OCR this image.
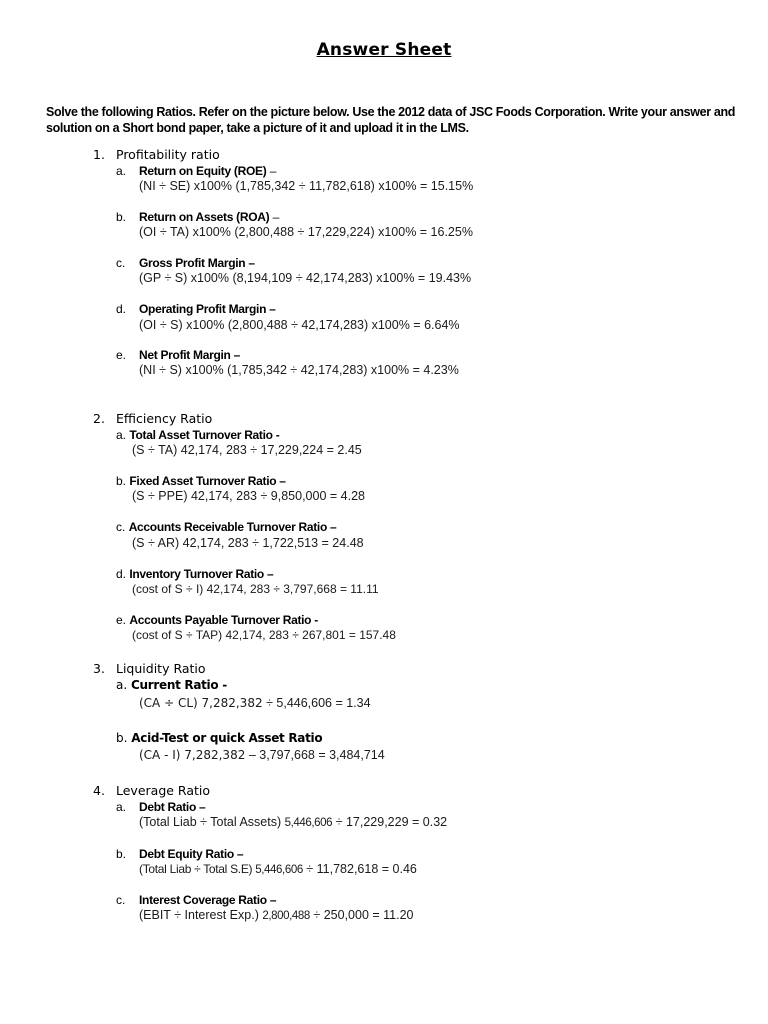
Answer Sheet
Solve the following Ratios. Refer on the picture below. Use the 2012 data of JSC Foods Corporation. Write your answer and solution on a Short bond paper, take a picture of it and upload it in the LMS.
1. Profitability ratio
a. Return on Equity (ROE) –
(NI ÷ SE) x100% (1,785,342 ÷ 11,782,618) x100% = 15.15%
b. Return on Assets (ROA) –
(OI ÷ TA) x100% (2,800,488 ÷ 17,229,224) x100% = 16.25%
c. Gross Profit Margin –
(GP ÷ S) x100% (8,194,109 ÷ 42,174,283) x100% = 19.43%
d. Operating Profit Margin –
(OI ÷ S) x100% (2,800,488 ÷ 42,174,283) x100% = 6.64%
e. Net Profit Margin –
(NI ÷ S) x100% (1,785,342 ÷ 42,174,283) x100% = 4.23%
2. Efficiency Ratio
a. Total Asset Turnover Ratio -
(S ÷ TA) 42,174, 283 ÷ 17,229,224 = 2.45
b. Fixed Asset Turnover Ratio –
(S ÷ PPE) 42,174, 283 ÷ 9,850,000 = 4.28
c. Accounts Receivable Turnover Ratio –
(S ÷ AR) 42,174, 283 ÷ 1,722,513 = 24.48
d. Inventory Turnover Ratio –
(cost of S ÷ I) 42,174, 283 ÷ 3,797,668 = 11.11
e. Accounts Payable Turnover Ratio -
(cost of S ÷ TAP) 42,174, 283 ÷ 267,801 = 157.48
3. Liquidity Ratio
a. Current Ratio -
(CA ÷ CL) 7,282,382 ÷ 5,446,606 = 1.34
b. Acid-Test or quick Asset Ratio
(CA - I) 7,282,382 – 3,797,668 = 3,484,714
4. Leverage Ratio
a. Debt Ratio –
(Total Liab ÷ Total Assets) 5,446,606 ÷ 17,229,229 = 0.32
b. Debt Equity Ratio –
(Total Liab ÷ Total S.E) 5,446,606 ÷ 11,782,618 = 0.46
c. Interest Coverage Ratio –
(EBIT ÷ Interest Exp.) 2,800,488 ÷ 250,000 = 11.20
